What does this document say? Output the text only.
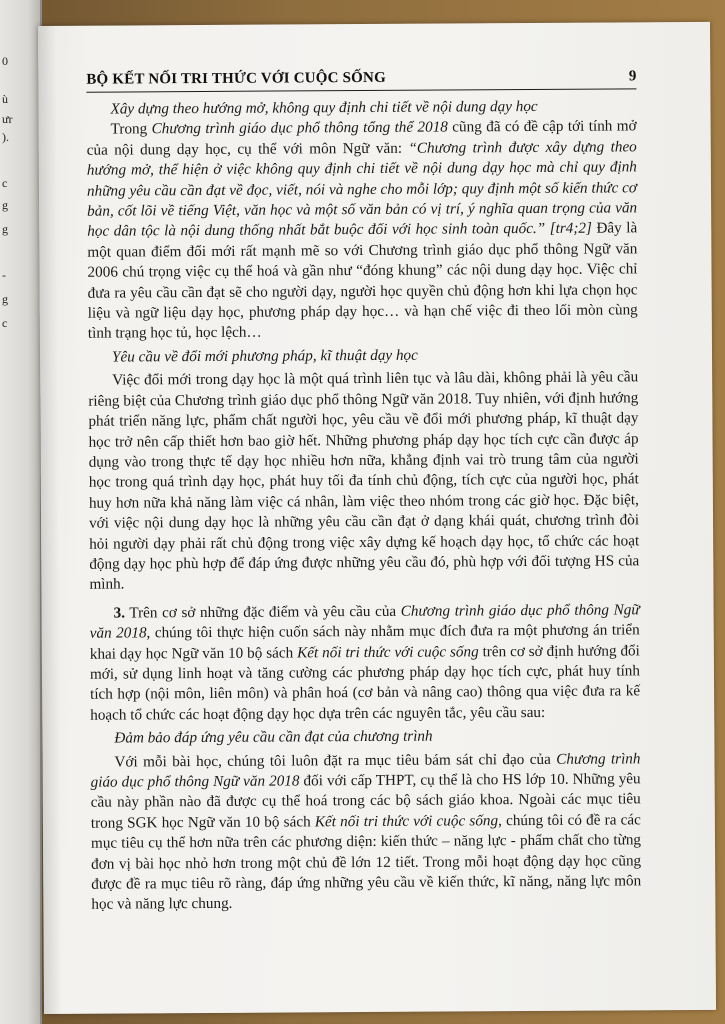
0
ù
ưr
).
c
g
g
-
g
c
BỘ KẾT NỐI TRI THỨC VỚI CUỘC SỐNG	9

Xây dựng theo hướng mở, không quy định chi tiết về nội dung dạy học

Trong Chương trình giáo dục phổ thông tổng thể 2018 cũng đã có đề cập tới tính mở của nội dung dạy học, cụ thể với môn Ngữ văn: “Chương trình được xây dựng theo hướng mở, thể hiện ở việc không quy định chi tiết về nội dung dạy học mà chỉ quy định những yêu cầu cần đạt về đọc, viết, nói và nghe cho mỗi lớp; quy định một số kiến thức cơ bản, cốt lõi về tiếng Việt, văn học và một số văn bản có vị trí, ý nghĩa quan trọng của văn học dân tộc là nội dung thống nhất bắt buộc đối với học sinh toàn quốc.” [tr4;2] Đây là một quan điểm đổi mới rất mạnh mẽ so với Chương trình giáo dục phổ thông Ngữ văn 2006 chú trọng việc cụ thể hoá và gần như “đóng khung” các nội dung dạy học. Việc chỉ đưa ra yêu cầu cần đạt sẽ cho người dạy, người học quyền chủ động hơn khi lựa chọn học liệu và ngữ liệu dạy học, phương pháp dạy học… và hạn chế việc đi theo lối mòn cùng tình trạng học tủ, học lệch…

Yêu cầu về đổi mới phương pháp, kĩ thuật dạy học

Việc đổi mới trong dạy học là một quá trình liên tục và lâu dài, không phải là yêu cầu riêng biệt của Chương trình giáo dục phổ thông Ngữ văn 2018. Tuy nhiên, với định hướng phát triển năng lực, phẩm chất người học, yêu cầu về đổi mới phương pháp, kĩ thuật dạy học trở nên cấp thiết hơn bao giờ hết. Những phương pháp dạy học tích cực cần được áp dụng vào trong thực tế dạy học nhiều hơn nữa, khẳng định vai trò trung tâm của người học trong quá trình dạy học, phát huy tối đa tính chủ động, tích cực của người học, phát huy hơn nữa khả năng làm việc cá nhân, làm việc theo nhóm trong các giờ học. Đặc biệt, với việc nội dung dạy học là những yêu cầu cần đạt ở dạng khái quát, chương trình đòi hỏi người dạy phải rất chủ động trong việc xây dựng kế hoạch dạy học, tổ chức các hoạt động dạy học phù hợp để đáp ứng được những yêu cầu đó, phù hợp với đối tượng HS của mình.

3. Trên cơ sở những đặc điểm và yêu cầu của Chương trình giáo dục phổ thông Ngữ văn 2018, chúng tôi thực hiện cuốn sách này nhằm mục đích đưa ra một phương án triển khai dạy học Ngữ văn 10 bộ sách Kết nối tri thức với cuộc sống trên cơ sở định hướng đổi mới, sử dụng linh hoạt và tăng cường các phương pháp dạy học tích cực, phát huy tính tích hợp (nội môn, liên môn) và phân hoá (cơ bản và nâng cao) thông qua việc đưa ra kế hoạch tổ chức các hoạt động dạy học dựa trên các nguyên tắc, yêu cầu sau:

Đảm bảo đáp ứng yêu cầu cần đạt của chương trình

Với mỗi bài học, chúng tôi luôn đặt ra mục tiêu bám sát chỉ đạo của Chương trình giáo dục phổ thông Ngữ văn 2018 đối với cấp THPT, cụ thể là cho HS lớp 10. Những yêu cầu này phần nào đã được cụ thể hoá trong các bộ sách giáo khoa. Ngoài các mục tiêu trong SGK học Ngữ văn 10 bộ sách Kết nối tri thức với cuộc sống, chúng tôi có đề ra các mục tiêu cụ thể hơn nữa trên các phương diện: kiến thức – năng lực - phẩm chất cho từng đơn vị bài học nhỏ hơn trong một chủ đề lớn 12 tiết. Trong mỗi hoạt động dạy học cũng được đề ra mục tiêu rõ ràng, đáp ứng những yêu cầu về kiến thức, kĩ năng, năng lực môn học và năng lực chung.
